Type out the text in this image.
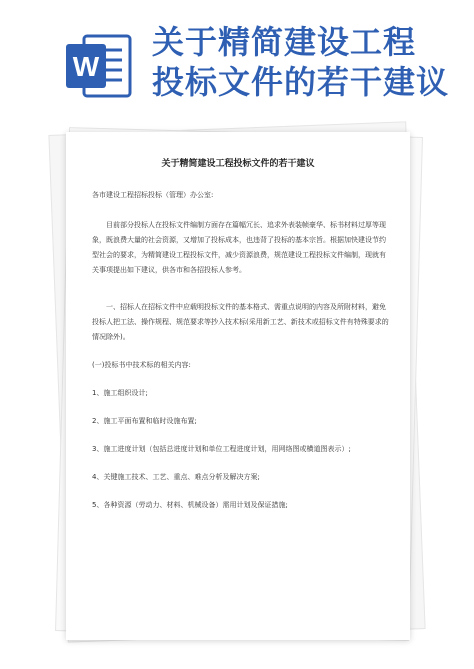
W
关于精简建设工程
投标文件的若干建议
关于精简建设工程投标文件的若干建议
各市建设工程招标投标（管理）办公室:

目前部分投标人在投标文件编制方面存在篇幅冗长、追求外表装帧豪华、标书材料过厚等现象，既浪费大量的社会资源，又增加了投标成本，也违背了投标的基本宗旨。根据加快建设节约型社会的要求，为精简建设工程投标文件，减少资源浪费，规范建设工程投标文件编制，现就有关事项提出如下建议，供各市和各招投标人参考。

一、招标人在招标文件中应载明投标文件的基本格式、需重点说明的内容及所附材料，避免投标人把工法、操作规程、规范要求等抄入技术标(采用新工艺、新技术或招标文件有特殊要求的情况除外)。

(一)投标书中技术标的相关内容:
1、施工组织设计;
2、施工平面布置和临时设施布置;
3、施工进度计划（包括总进度计划和单位工程进度计划，用网络图或横道图表示）;
4、关键施工技术、工艺、重点、难点分析及解决方案;
5、各种资源（劳动力、材料、机械设备）需用计划及保证措施;
